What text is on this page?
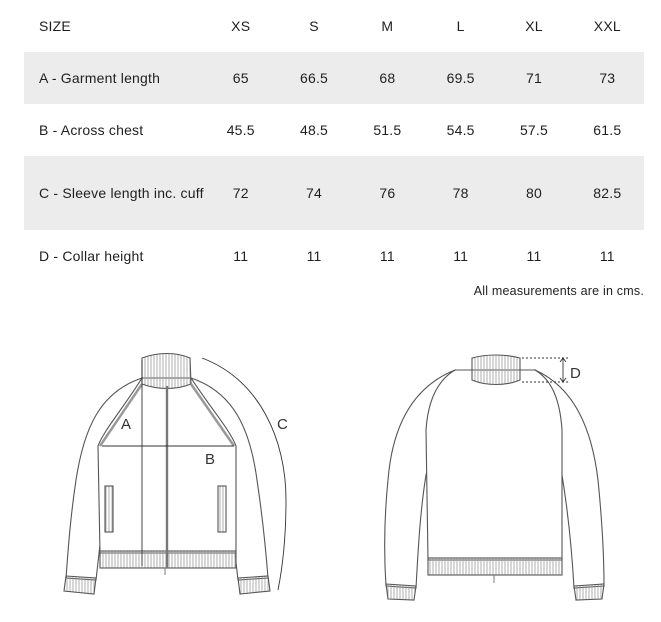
SIZE	XS	S	M	L	XL	XXL
A - Garment length	65	66.5	68	69.5	71	73
B - Across chest	45.5	48.5	51.5	54.5	57.5	61.5
C - Sleeve length inc. cuff	72	74	76	78	80	82.5
D - Collar height	11	11	11	11	11	11
All measurements are in cms.
A
B
C
D
